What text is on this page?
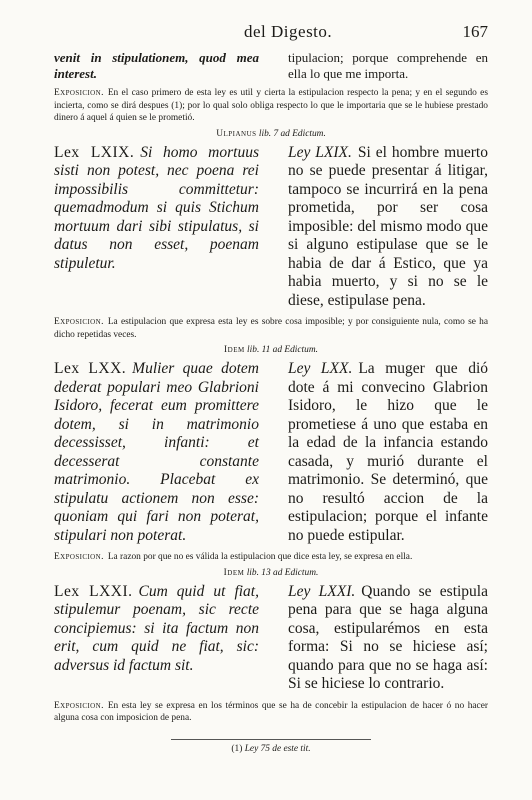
del Digesto.	167
venit in stipulationem, quod mea interest.
tipulacion; porque comprehende en ella lo que me importa.
Exposicion. En el caso primero de esta ley es util y cierta la estipulacion respecto la pena; y en el segundo es incierta, como se dirá despues (1); por lo qual solo obliga respecto lo que le importaria que se le hubiese prestado dinero á aquel á quien se le prometió.
Ulpianus lib. 7 ad Edictum.
Lex LXIX. Si homo mortuus sisti non potest, nec poena rei impossibilis committetur: quemadmodum si quis Stichum mortuum dari sibi stipulatus, si datus non esset, poenam stipuletur.
Ley LXIX. Si el hombre muerto no se puede presentar á litigar, tampoco se incurrirá en la pena prometida, por ser cosa imposible: del mismo modo que si alguno estipulase que se le habia de dar á Estico, que ya habia muerto, y si no se le diese, estipulase pena.
Exposicion. La estipulacion que expresa esta ley es sobre cosa imposible; y por consiguiente nula, como se ha dicho repetidas veces.
Idem lib. 11 ad Edictum.
Lex LXX. Mulier quae dotem dederat populari meo Glabrioni Isidoro, fecerat eum promittere dotem, si in matrimonio decessisset, infanti: et decesserat constante matrimonio. Placebat ex stipulatu actionem non esse: quoniam qui fari non poterat, stipulari non poterat.
Ley LXX. La muger que dió dote á mi convecino Glabrion Isidoro, le hizo que le prometiese á uno que estaba en la edad de la infancia estando casada, y murió durante el matrimonio. Se determinó, que no resultó accion de la estipulacion; porque el infante no puede estipular.
Exposicion. La razon por que no es válida la estipulacion que dice esta ley, se expresa en ella.
Idem lib. 13 ad Edictum.
Lex LXXI. Cum quid ut fiat, stipulemur poenam, sic recte concipiemus: si ita factum non erit, cum quid ne fiat, sic: adversus id factum sit.
Ley LXXI. Quando se estipula pena para que se haga alguna cosa, estipularémos en esta forma: Si no se hiciese así; quando para que no se haga así: Si se hiciese lo contrario.
Exposicion. En esta ley se expresa en los términos que se ha de concebir la estipulacion de hacer ó no hacer alguna cosa con imposicion de pena.
(1) Ley 75 de este tit.
